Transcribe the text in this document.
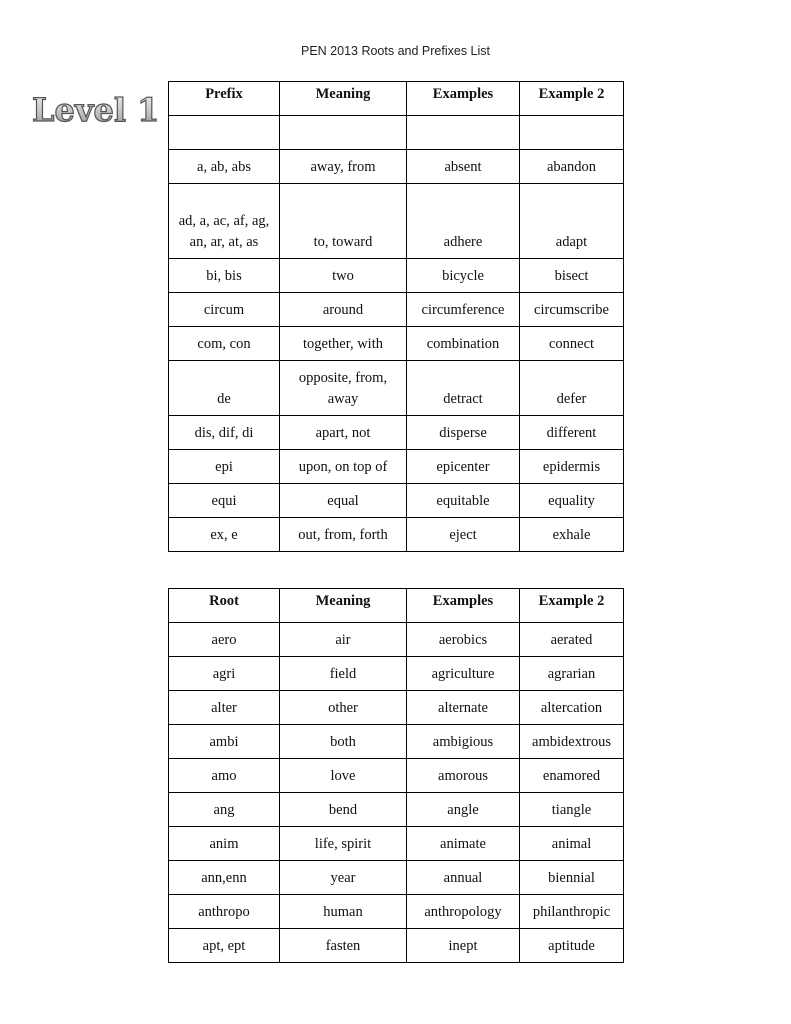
PEN 2013 Roots and Prefixes List
Level 1	Prefix	Meaning	Examples	Example 2

a, ab, abs	away, from	absent	abandon
ad, a, ac, af, ag, an, ar, at, as	to, toward	adhere	adapt
bi, bis	two	bicycle	bisect
circum	around	circumference	circumscribe
com, con	together, with	combination	connect
de	opposite, from, away	detract	defer
dis, dif, di	apart, not	disperse	different
epi	upon, on top of	epicenter	epidermis
equi	equal	equitable	equality
ex, e	out, from, forth	eject	exhale
Root	Meaning	Examples	Example 2
aero	air	aerobics	aerated
agri	field	agriculture	agrarian
alter	other	alternate	altercation
ambi	both	ambigious	ambidextrous
amo	love	amorous	enamored
ang	bend	angle	tiangle
anim	life, spirit	animate	animal
ann,enn	year	annual	biennial
anthropo	human	anthropology	philanthropic
apt, ept	fasten	inept	aptitude
